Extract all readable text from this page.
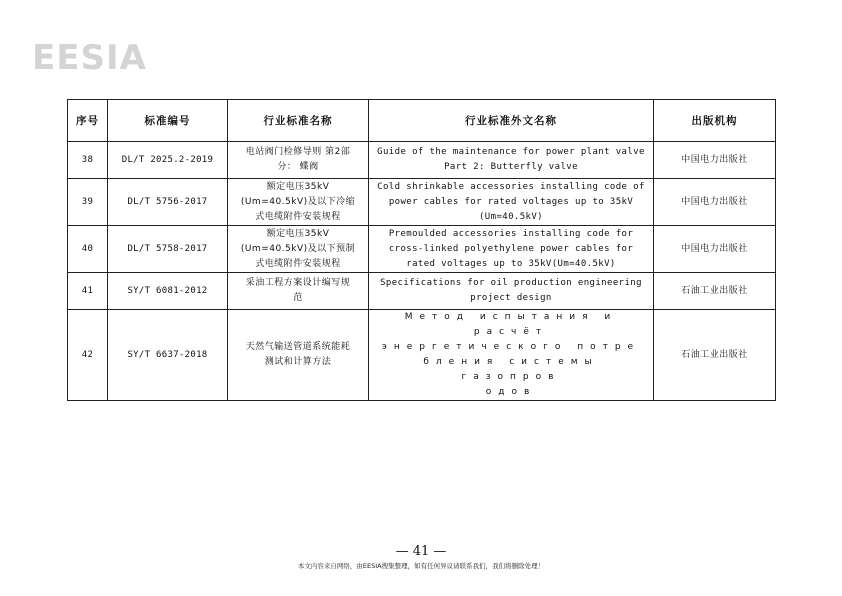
EESIA
序号	标准编号	行业标准名称	行业标准外文名称	出版机构
38	DL/T 2025.2-2019	电站阀门检修导则 第2部
分： 蝶阀	Guide of the maintenance for power plant valve
Part 2: Butterfly valve	中国电力出版社
39	DL/T 5756-2017	额定电压35kV
(Um=40.5kV)及以下冷缩
式电缆附件安装规程	Cold shrinkable accessories installing code of
power cables for rated voltages up to 35kV
(Um=40.5kV)	中国电力出版社
40	DL/T 5758-2017	额定电压35kV
(Um=40.5kV)及以下预制
式电缆附件安装规程	Premoulded accessories installing code for
cross-linked polyethylene power cables for
rated voltages up to 35kV(Um=40.5kV)	中国电力出版社
41	SY/T 6081-2012	采油工程方案设计编写规
范	Specifications for oil production engineering
project design	石油工业出版社
42	SY/T 6637-2018	天然气输送管道系统能耗
测试和计算方法	Метод испытания и расчёт
энергетического потре
бления системы газопров
одов	石油工业出版社
— 41 —
本文内容来自网络，由EESIA搜集整理，如有任何异议请联系我们，我们将删除处理！
